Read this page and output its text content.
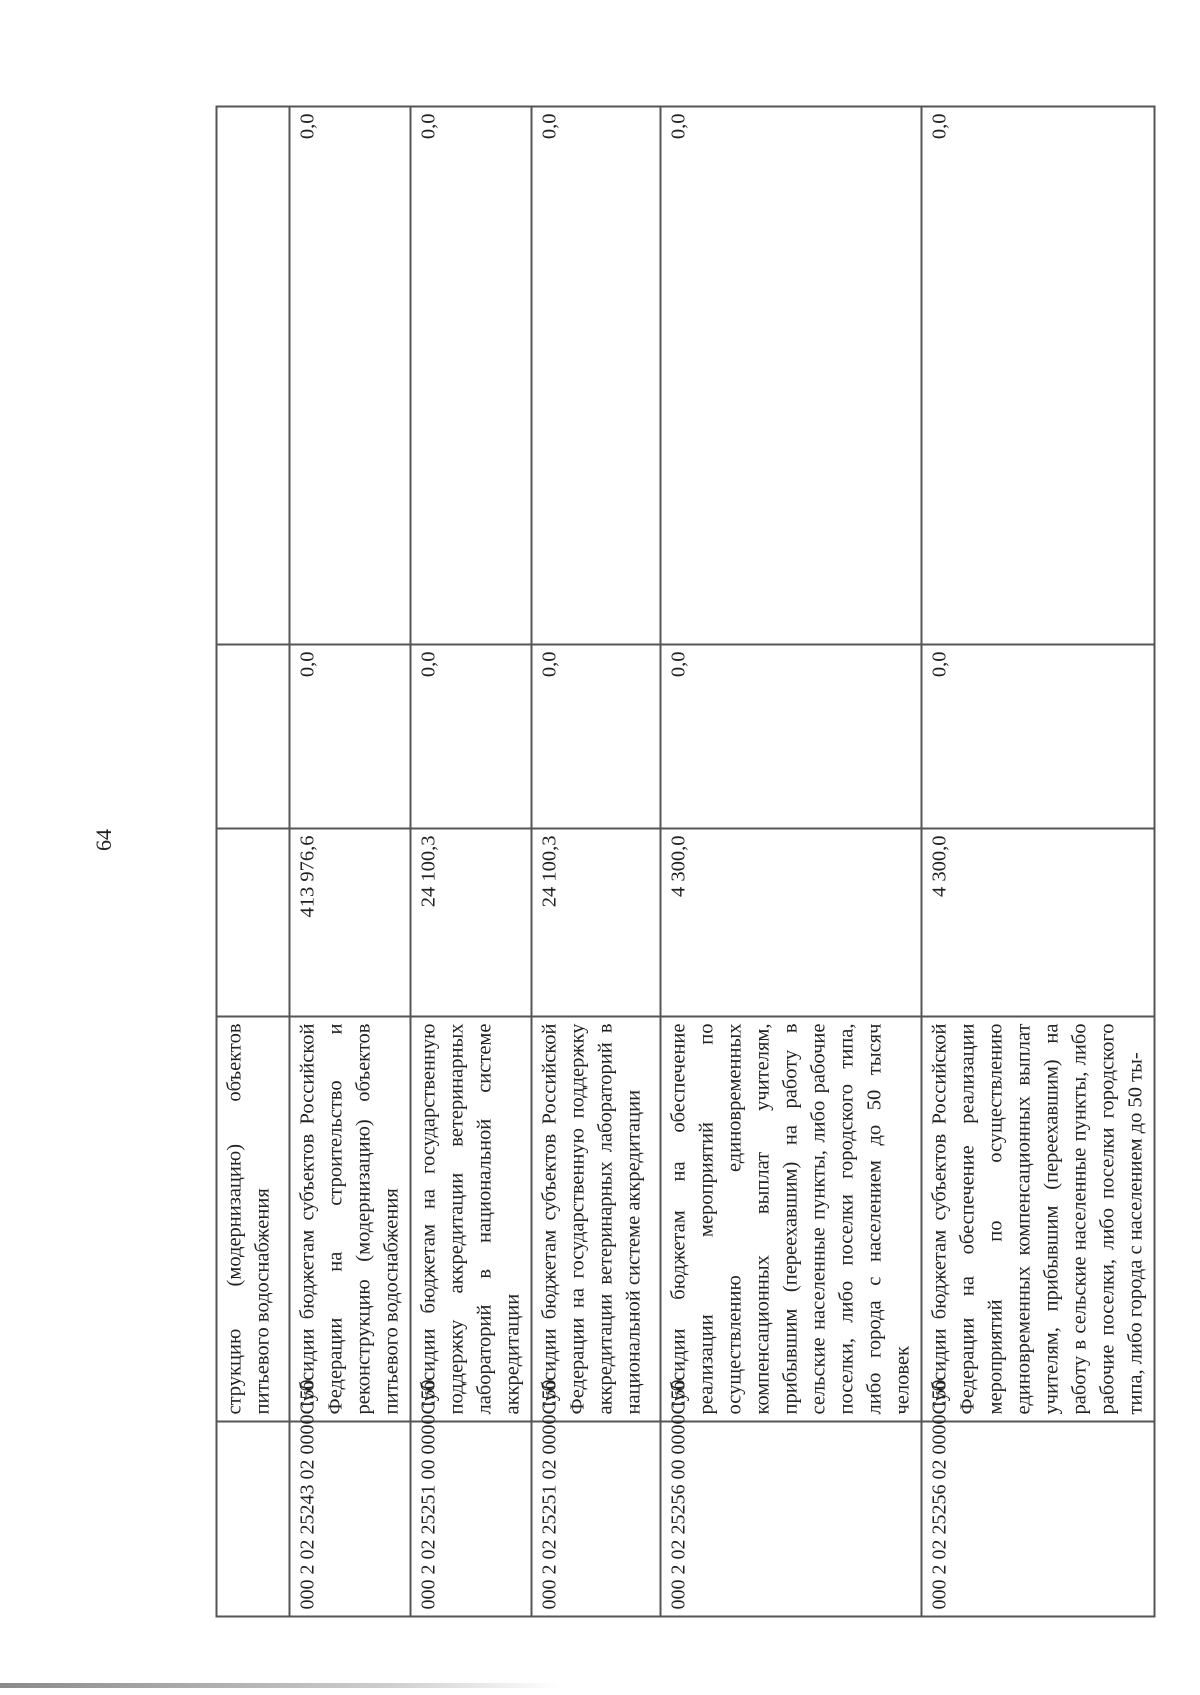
64
	струкцию (модернизацию) объектов питьевого водоснабжения			
000 2 02 25243 02 0000 150	Субсидии бюджетам субъектов Российской Федерации на строительство и реконструкцию (модернизацию) объектов питьевого водоснабжения	413 976,6	0,0	0,0
000 2 02 25251 00 0000 150	Субсидии бюджетам на государственную поддержку аккредитации ветеринарных лабораторий в национальной системе аккредитации	24 100,3	0,0	0,0
000 2 02 25251 02 0000 150	Субсидии бюджетам субъектов Российской Федерации на государственную поддержку аккредитации ветеринарных лабораторий в национальной системе аккредитации	24 100,3	0,0	0,0
000 2 02 25256 00 0000 150	Субсидии бюджетам на обеспечение реализации мероприятий по осуществлению единовременных компенсационных выплат учителям, прибывшим (переехавшим) на работу в сельские населенные пункты, либо рабочие поселки, либо поселки городского типа, либо города с населением до 50 тысяч человек	4 300,0	0,0	0,0
000 2 02 25256 02 0000 150	Субсидии бюджетам субъектов Российской Федерации на обеспечение реализации мероприятий по осуществлению единовременных компенсационных выплат учителям, прибывшим (переехавшим) на работу в сельские населенные пункты, либо рабочие поселки, либо поселки городского типа, либо города с населением до 50 ты-	4 300,0	0,0	0,0
